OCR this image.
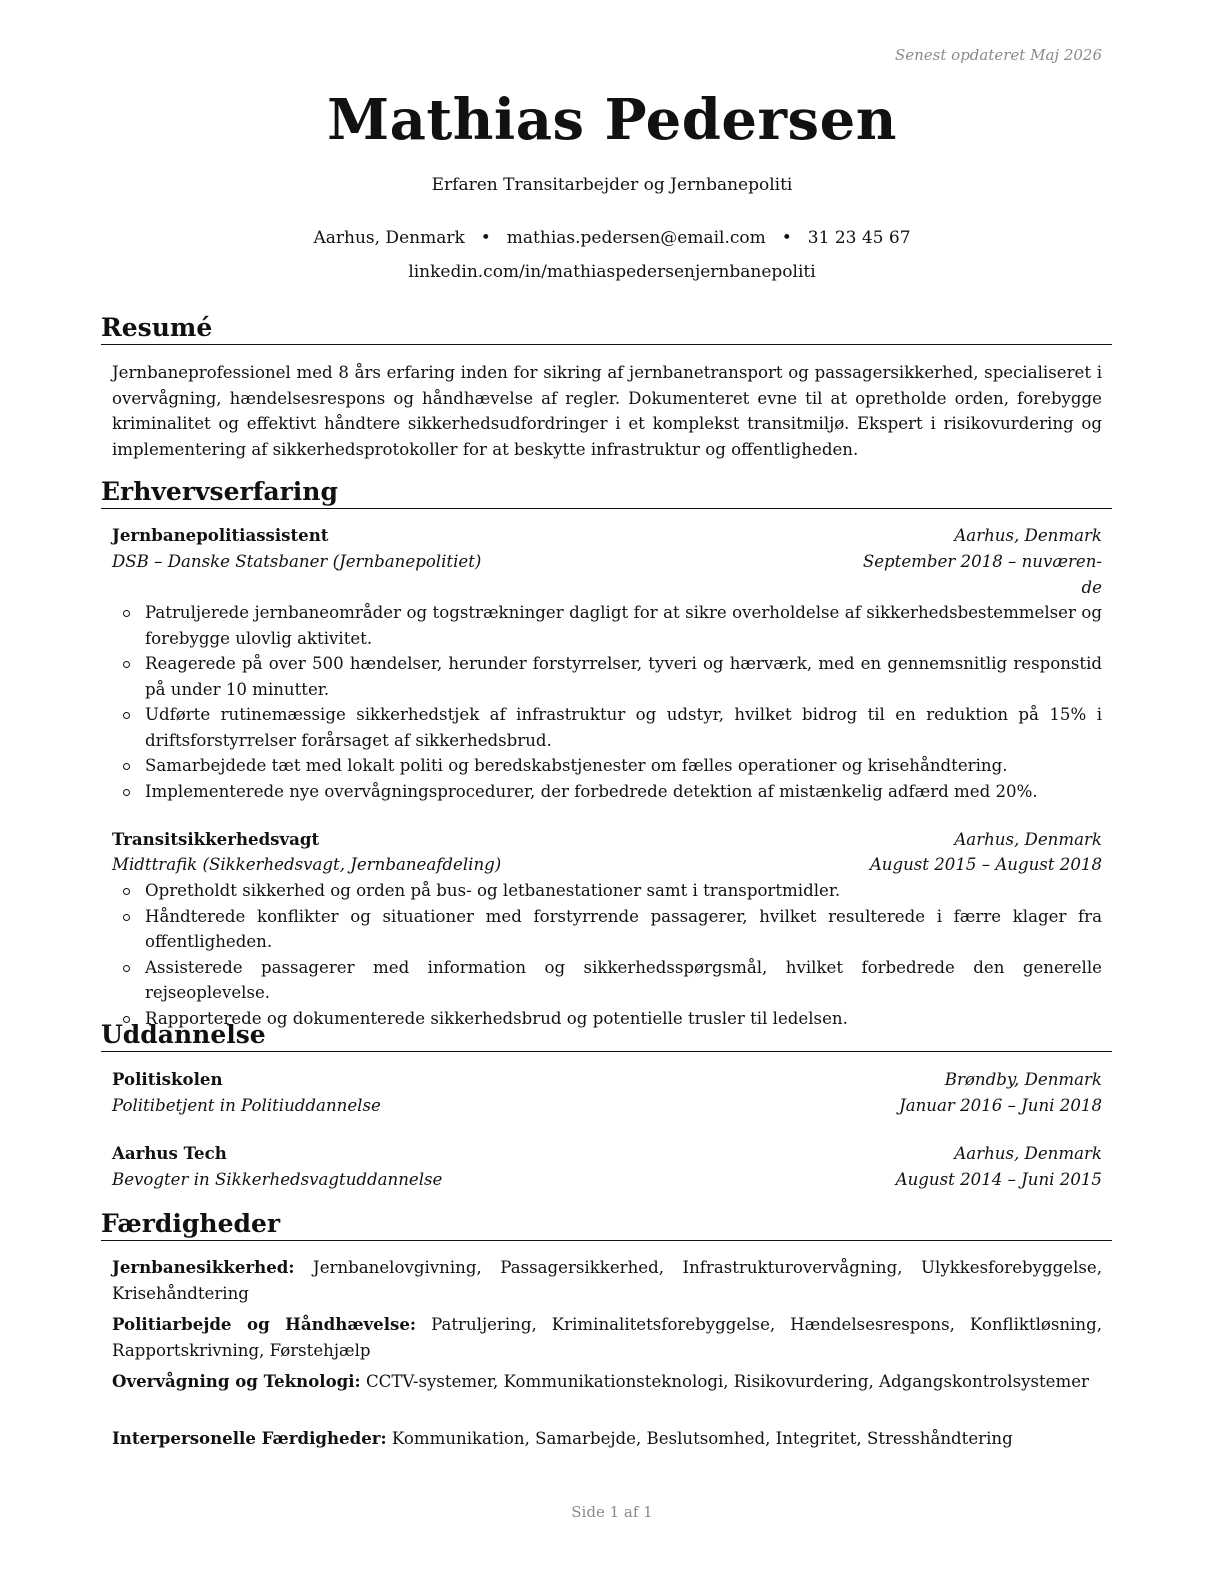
Senest opdateret Maj 2026
Mathias Pedersen
Erfaren Transitarbejder og Jernbanepoliti
Aarhus, Denmark • mathias.pedersen@email.com • 31 23 45 67
linkedin.com/in/mathiaspedersenjernbanepoliti
Resumé
Jernbaneprofessionel med 8 års erfaring inden for sikring af jernbanetransport og passagersikkerhed, specialiseret i overvågning, hændelsesrespons og håndhævelse af regler. Dokumenteret evne til at opretholde orden, forebygge kriminalitet og effektivt håndtere sikkerhedsudfordringer i et komplekst transitmiljø. Ekspert i risikovurdering og implementering af sikkerhedsprotokoller for at beskytte infrastruktur og offentligheden.
Erhvervserfaring
Jernbanepolitiassistent	Aarhus, Denmark
DSB – Danske Statsbaner (Jernbanepolitiet)	September 2018 – nuværen-
de
Patruljerede jernbaneområder og togstrækninger dagligt for at sikre overholdelse af sikkerhedsbestemmelser og forebygge ulovlig aktivitet.
Reagerede på over 500 hændelser, herunder forstyrrelser, tyveri og hærværk, med en gennemsnitlig responstid på under 10 minutter.
Udførte rutinemæssige sikkerhedstjek af infrastruktur og udstyr, hvilket bidrog til en reduktion på 15% i driftsforstyrrelser forårsaget af sikkerhedsbrud.
Samarbejdede tæt med lokalt politi og beredskabstjenester om fælles operationer og krisehåndtering.
Implementerede nye overvågningsprocedurer, der forbedrede detektion af mistænkelig adfærd med 20%.
Transitsikkerhedsvagt	Aarhus, Denmark
Midttrafik (Sikkerhedsvagt, Jernbaneafdeling)	August 2015 – August 2018
Opretholdt sikkerhed og orden på bus- og letbanestationer samt i transportmidler.
Håndterede konflikter og situationer med forstyrrende passagerer, hvilket resulterede i færre klager fra offentligheden.
Assisterede passagerer med information og sikkerhedsspørgsmål, hvilket forbedrede den generelle rejseoplevelse.
Rapporterede og dokumenterede sikkerhedsbrud og potentielle trusler til ledelsen.
Uddannelse
Politiskolen	Brøndby, Denmark
Politibetjent in Politiuddannelse	Januar 2016 – Juni 2018
Aarhus Tech	Aarhus, Denmark
Bevogter in Sikkerhedsvagtuddannelse	August 2014 – Juni 2015
Færdigheder
Jernbanesikkerhed: Jernbanelovgivning, Passagersikkerhed, Infrastrukturovervågning, Ulykkesforebyggelse, Krisehåndtering
Politiarbejde og Håndhævelse: Patruljering, Kriminalitetsforebyggelse, Hændelsesrespons, Konfliktløsning, Rapportskrivning, Førstehjælp
Overvågning og Teknologi: CCTV-systemer, Kommunikationsteknologi, Risikovurdering, Adgangskontrolsystemer
Interpersonelle Færdigheder: Kommunikation, Samarbejde, Beslutsomhed, Integritet, Stresshåndtering
Side 1 af 1
